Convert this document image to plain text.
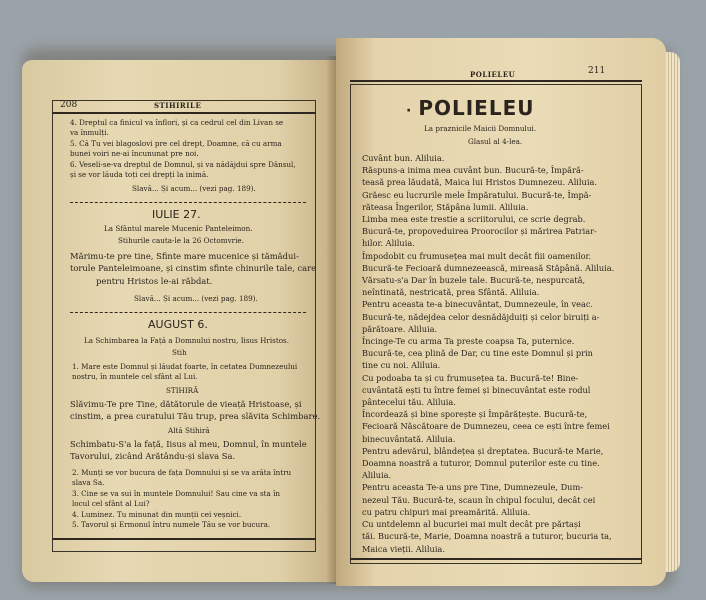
208	STIHIRILE
4. Dreptul ca finicul va înflori, și ca cedrul cel din Livan se
va înmulți.
5. Că Tu vei blagoslovi pre cel drept, Doamne, că cu arma
bunei voiri ne-ai încununat pre noi.
6. Veseli-se-va dreptul de Domnul, și va nădăjdui spre Dânsul,
și se vor lăuda toți cei drepți la inimă.
Slavă... Și acum... (vezi pag. 189).
IULIE 27.
La Sfântul marele Mucenic Panteleimon.
Stihurile cauta-le la 26 Octomvrie.
Mărimu-te pre tine, Sfinte mare mucenice și tămădui-
torule Panteleimoane, și cinstim sfinte chinurile tale, care
pentru Hristos le-ai răbdat.
Slavă... Și acum... (vezi pag. 189).
AUGUST 6.
La Schimbarea la Față a Domnului nostru, Iisus Hristos.
Stih
1. Mare este Domnul și lăudat foarte, în cetatea Dumnezeului
nostru, în muntele cel sfânt al Lui.
STIHIRĂ
Slăvimu-Te pre Tine, dătătorule de vieață Hristoase, și
cinstim, a prea curatului Tău trup, prea slăvita Schimbare.
Altă Stihiră
Schimbatu-S'a la față, Iisus al meu, Domnul, în muntele
Tavorului, zicând Arătându-și slava Sa.
2. Munți se vor bucura de fața Domnului și se va arăta întru
slava Sa.
3. Cine se va sui în muntele Domnului! Sau cine va sta în
locul cel sfânt al Lui?
4. Luminez. Tu minunat din munții cei veșnici.
5. Tavorul și Ermonul întru numele Tău se vor bucura.
POLIELEU	211
· POLIELEU
La praznicile Maicii Domnului.
Glasul al 4-lea.
Cuvânt bun. Aliluia.
Răspuns-a inima mea cuvânt bun. Bucură-te, Împără-
teasă prea lăudată, Maica lui Hristos Dumnezeu. Aliluia.
Grăesc eu lucrurile mele Împăratului. Bucură-te, Împă-
răteasa Îngerilor, Stăpâna lumii. Aliluia.
Limba mea este trestie a scriitorului, ce scrie degrab.
Bucură-te, propoveduirea Proorocilor și mărirea Patriar-
hilor. Aliluia.
Împodobit cu frumusețea mai mult decât fiii oamenilor.
Bucură-te Fecioară dumnezeească, mireasă Stăpână. Aliluia.
Vărsatu-s'a Dar în buzele tale. Bucură-te, nespurcată,
neîntinată, nestricată, prea Sfântă. Aliluia.
Pentru aceasta te-a binecuvântat, Dumnezeule, în veac.
Bucură-te, nădejdea celor desnădăjduiți și celor biruiți a-
părătoare. Aliluia.
Încinge-Te cu arma Ta preste coapsa Ta, puternice.
Bucură-te, cea plină de Dar, cu tine este Domnul și prin
tine cu noi. Aliluia.
Cu podoaba ta și cu frumusețea ta. Bucură-te! Bine-
cuvântată ești tu între femei și binecuvântat este rodul
pântecelui tău. Aliluia.
Încordează și bine sporește și Împărățește. Bucură-te,
Fecioară Născătoare de Dumnezeu, ceea ce ești între femei
binecuvântată. Aliluia.
Pentru adevărul, blândețea și dreptatea. Bucură-te Marie,
Doamna noastră a tuturor, Domnul puterilor este cu tine.
Aliluia.
Pentru aceasta Te-a uns pre Tine, Dumnezeule, Dum-
nezeul Tău. Bucură-te, scaun în chipul focului, decât cei
cu patru chipuri mai preamărită. Aliluia.
Cu untdelemn al bucuriei mai mult decât pre părtași
tăi. Bucură-te, Marie, Doamna noastră a tuturor, bucuria ta,
Maica vieții. Aliluia.
